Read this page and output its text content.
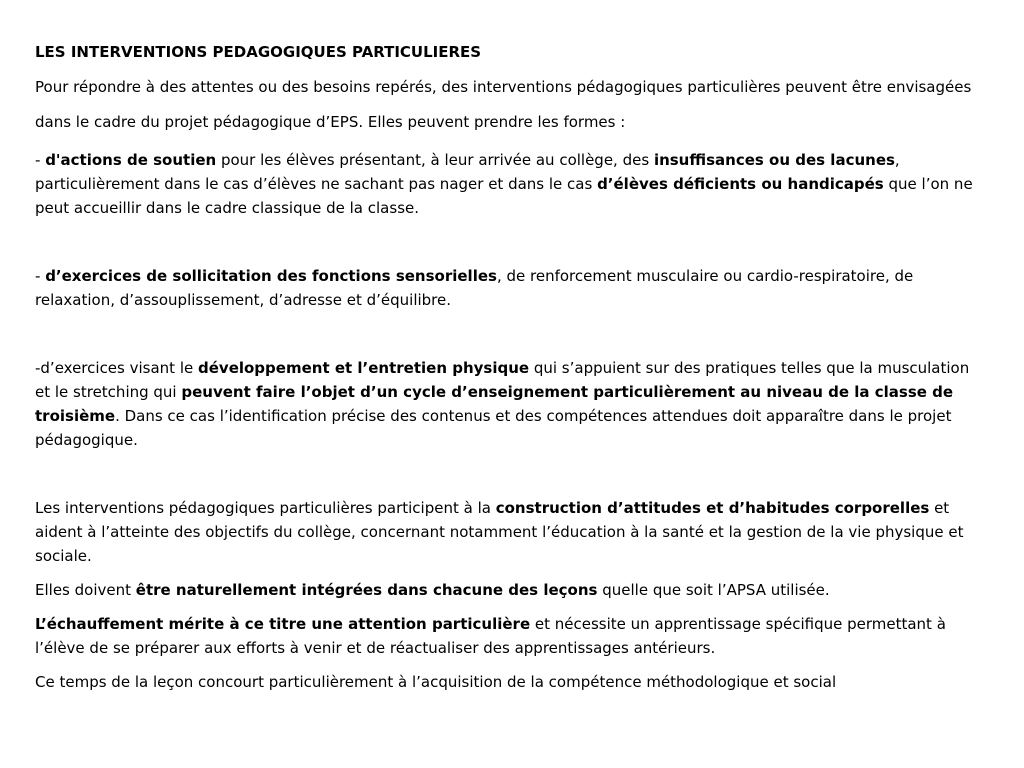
LES INTERVENTIONS PEDAGOGIQUES PARTICULIERES

Pour répondre à des attentes ou des besoins repérés, des interventions pédagogiques particulières peuvent être envisagées dans le cadre du projet pédagogique d’EPS. Elles peuvent prendre les formes :

- d'actions de soutien pour les élèves présentant, à leur arrivée au collège, des insuffisances ou des lacunes, particulièrement dans le cas d’élèves ne sachant pas nager et dans le cas d’élèves déficients ou handicapés que l’on ne peut accueillir dans le cadre classique de la classe.

- d’exercices de sollicitation des fonctions sensorielles, de renforcement musculaire ou cardio-respiratoire, de relaxation, d’assouplissement, d’adresse et d’équilibre.

-d’exercices visant le développement et l’entretien physique qui s’appuient sur des pratiques telles que la musculation et le stretching qui peuvent faire l’objet d’un cycle d’enseignement particulièrement au niveau de la classe de troisième. Dans ce cas l’identification précise des contenus et des compétences attendues doit apparaître dans le projet pédagogique.

Les interventions pédagogiques particulières participent à la construction d’attitudes et d’habitudes corporelles et aident à l’atteinte des objectifs du collège, concernant notamment l’éducation à la santé et la gestion de la vie physique et sociale.

Elles doivent être naturellement intégrées dans chacune des leçons quelle que soit l’APSA utilisée.

L’échauffement mérite à ce titre une attention particulière et nécessite un apprentissage spécifique permettant à l’élève de se préparer aux efforts à venir et de réactualiser des apprentissages antérieurs.

Ce temps de la leçon concourt particulièrement à l’acquisition de la compétence méthodologique et social
